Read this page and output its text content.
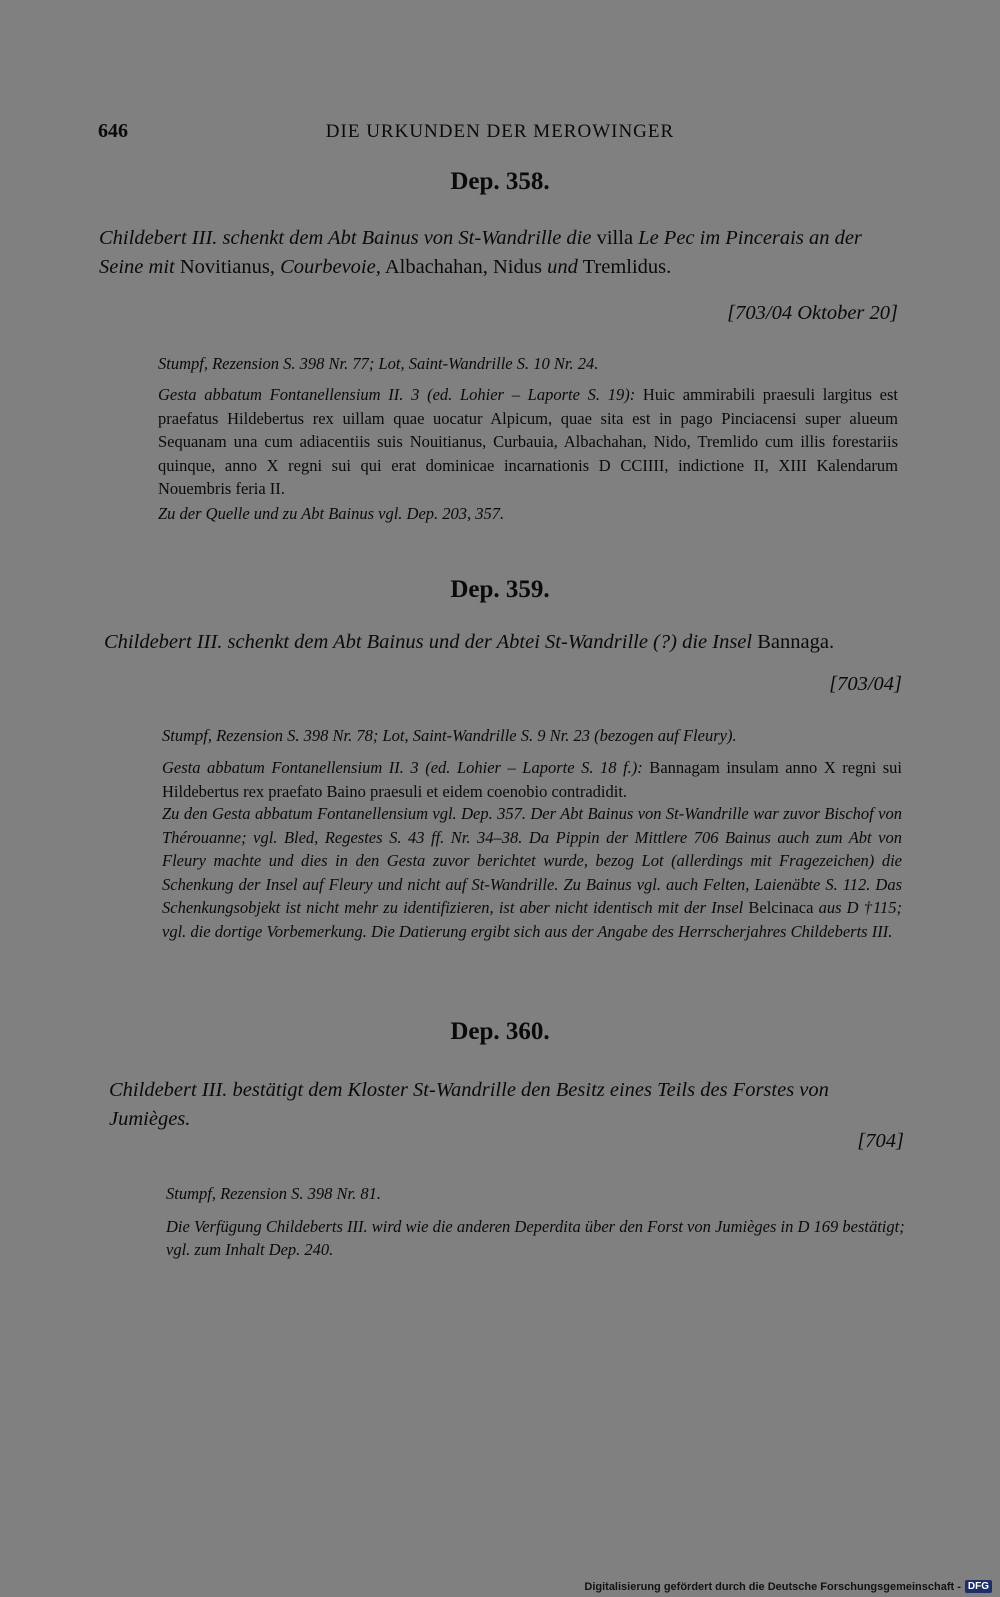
646	DIE URKUNDEN DER MEROWINGER
Dep. 358.
Childebert III. schenkt dem Abt Bainus von St-Wandrille die villa Le Pec im Pincerais an der Seine mit Novitianus, Courbevoie, Albachahan, Nidus und Tremlidus.
[703/04 Oktober 20]
Stumpf, Rezension S. 398 Nr. 77; Lot, Saint-Wandrille S. 10 Nr. 24.
Gesta abbatum Fontanellensium II. 3 (ed. Lohier – Laporte S. 19): Huic ammirabili praesuli largitus est praefatus Hildebertus rex uillam quae uocatur Alpicum, quae sita est in pago Pinciacensi super alueum Sequanam una cum adiacentiis suis Nouitianus, Curbauia, Albachahan, Nido, Tremlido cum illis forestariis quinque, anno X regni sui qui erat dominicae incarnationis D CCIIII, indictione II, XIII Kalendarum Nouembris feria II.
Zu der Quelle und zu Abt Bainus vgl. Dep. 203, 357.
Dep. 359.
Childebert III. schenkt dem Abt Bainus und der Abtei St-Wandrille (?) die Insel Bannaga.
[703/04]
Stumpf, Rezension S. 398 Nr. 78; Lot, Saint-Wandrille S. 9 Nr. 23 (bezogen auf Fleury).
Gesta abbatum Fontanellensium II. 3 (ed. Lohier – Laporte S. 18 f.): Bannagam insulam anno X regni sui Hildebertus rex praefato Baino praesuli et eidem coenobio contradidit.
Zu den Gesta abbatum Fontanellensium vgl. Dep. 357. Der Abt Bainus von St-Wandrille war zuvor Bischof von Thérouanne; vgl. Bled, Regestes S. 43 ff. Nr. 34–38. Da Pippin der Mittlere 706 Bainus auch zum Abt von Fleury machte und dies in den Gesta zuvor berichtet wurde, bezog Lot (allerdings mit Fragezeichen) die Schenkung der Insel auf Fleury und nicht auf St-Wandrille. Zu Bainus vgl. auch Felten, Laienäbte S. 112. Das Schenkungsobjekt ist nicht mehr zu identifizieren, ist aber nicht identisch mit der Insel Belcinaca aus D †115; vgl. die dortige Vorbemerkung. Die Datierung ergibt sich aus der Angabe des Herrscherjahres Childeberts III.
Dep. 360.
Childebert III. bestätigt dem Kloster St-Wandrille den Besitz eines Teils des Forstes von Jumièges.
[704]
Stumpf, Rezension S. 398 Nr. 81.
Die Verfügung Childeberts III. wird wie die anderen Deperdita über den Forst von Jumièges in D 169 bestätigt; vgl. zum Inhalt Dep. 240.
Digitalisierung gefördert durch die Deutsche Forschungsgemeinschaft - DFG
